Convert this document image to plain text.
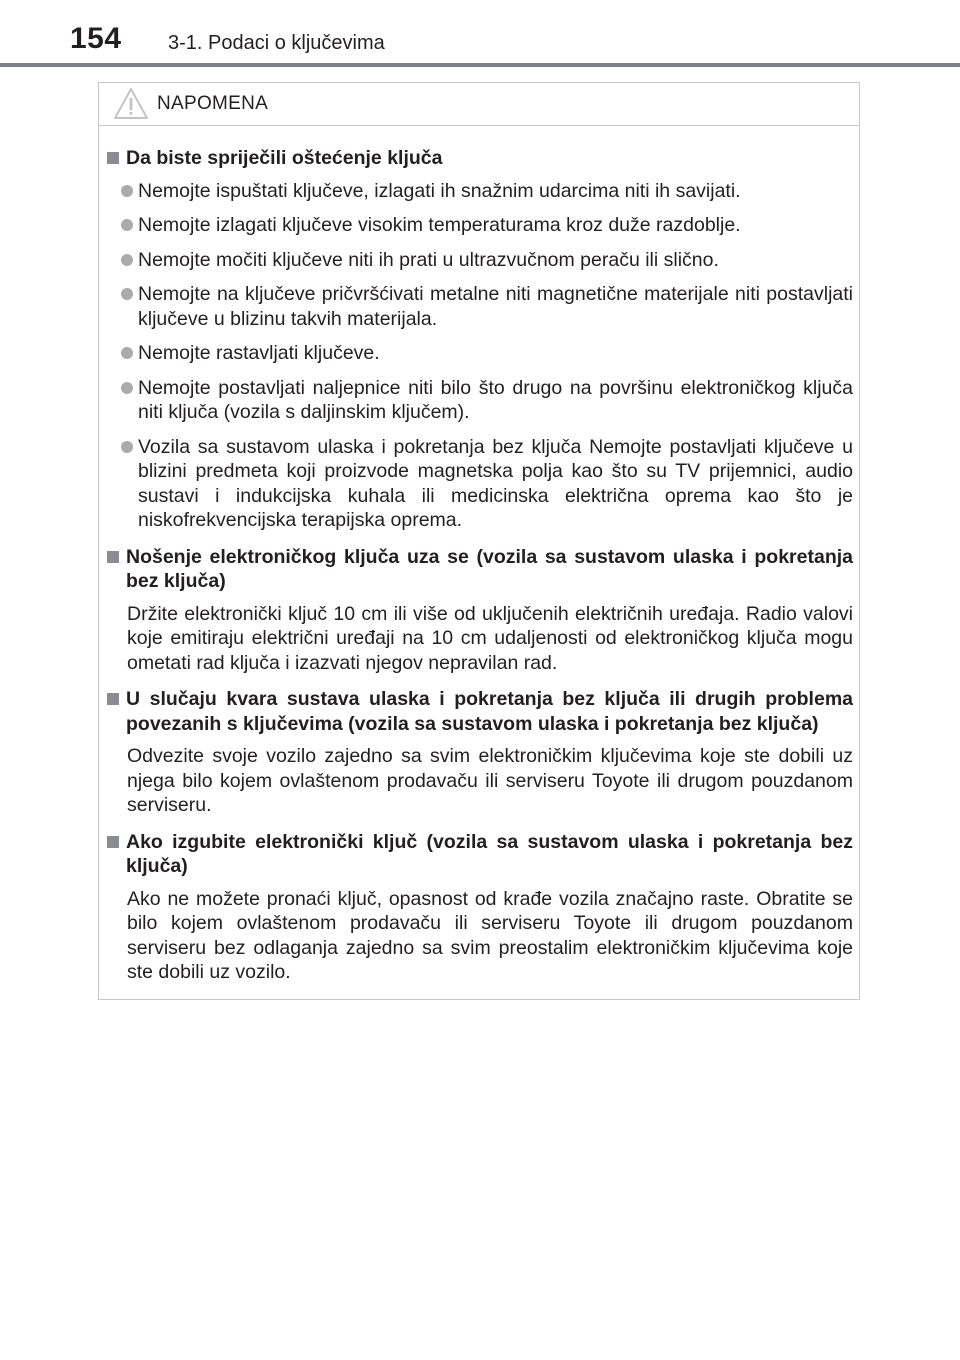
154 3-1. Podaci o ključevima
NAPOMENA
Da biste spriječili oštećenje ključa
Nemojte ispuštati ključeve, izlagati ih snažnim udarcima niti ih savijati.
Nemojte izlagati ključeve visokim temperaturama kroz duže razdoblje.
Nemojte močiti ključeve niti ih prati u ultrazvučnom peraču ili slično.
Nemojte na ključeve pričvršćivati metalne niti magnetične materijale niti postavljati ključeve u blizinu takvih materijala.
Nemojte rastavljati ključeve.
Nemojte postavljati naljepnice niti bilo što drugo na površinu elektroničkog ključa niti ključa (vozila s daljinskim ključem).
Vozila sa sustavom ulaska i pokretanja bez ključa Nemojte postavljati ključeve u blizini predmeta koji proizvode magnetska polja kao što su TV prijemnici, audio sustavi i indukcijska kuhala ili medicinska električna oprema kao što je niskofrekvencijska terapijska oprema.
Nošenje elektroničkog ključa uza se (vozila sa sustavom ulaska i pokretanja bez ključa)
Držite elektronički ključ 10 cm ili više od uključenih električnih uređaja. Radio valovi koje emitiraju električni uređaji na 10 cm udaljenosti od elektroničkog ključa mogu ometati rad ključa i izazvati njegov nepravilan rad.
U slučaju kvara sustava ulaska i pokretanja bez ključa ili drugih problema povezanih s ključevima (vozila sa sustavom ulaska i pokretanja bez ključa)
Odvezite svoje vozilo zajedno sa svim elektroničkim ključevima koje ste dobili uz njega bilo kojem ovlaštenom prodavaču ili serviseru Toyote ili drugom pouzdanom serviseru.
Ako izgubite elektronički ključ (vozila sa sustavom ulaska i pokretanja bez ključa)
Ako ne možete pronaći ključ, opasnost od krađe vozila značajno raste. Obratite se bilo kojem ovlaštenom prodavaču ili serviseru Toyote ili drugom pouzdanom serviseru bez odlaganja zajedno sa svim preostalim elektroničkim ključevima koje ste dobili uz vozilo.
